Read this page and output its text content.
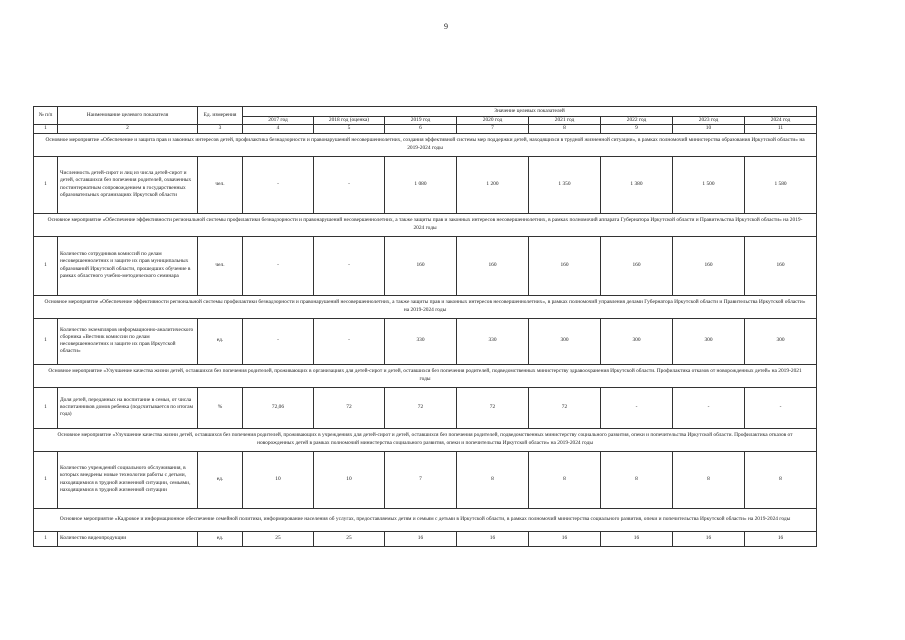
9
№ п/п	Наименование целевого показателя	Ед. измерения	Значение целевых показателей							
			2017 год	2018 год (оценка)	2019 год	2020 год	2021 год	2022 год	2023 год	2024 год
1	2	3	4	5	6	7	8	9	10	11
Основное мероприятие «Обеспечение и защита прав и законных интересов детей, профилактика безнадзорности и правонарушений несовершеннолетних, создания эффективной системы мер поддержки детей, находящихся в трудной жизненной ситуации», в рамках полномочий министерства образования Иркутской области» на 2019-2024 годы										
1	Численность детей-сирот и лиц из числа детей-сирот и детей, оставшихся без попечения родителей, охваченных постинтернатным сопровождением в государственных образовательных организациях Иркутской области	чел.	-	-	1 080	1 200	1 350	1 380	1 500	1 580
Основное мероприятие «Обеспечение эффективности региональной системы профилактики безнадзорности и правонарушений несовершеннолетних, а также защиты прав и законных интересов несовершеннолетних, в рамках полномочий аппарата Губернатора Иркутской области и Правительства Иркутской области» на 2019-2024 годы										
1	Количество сотрудников комиссий по делам несовершеннолетних и защите их прав муниципальных образований Иркутской области, прошедших обучение в рамках областного учебно-методического семинара	чел.	-	-	160	160	160	160	160	160
Основное мероприятие «Обеспечение эффективности региональной системы профилактики безнадзорности и правонарушений несовершеннолетних, а также защиты прав и законных интересов несовершеннолетних», в рамках полномочий управления делами Губернатора Иркутской области и Правительства Иркутской области» на 2019-2024 годы										
1	Количество экземпляров информационно-аналитического сборника «Вестник комиссии по делам несовершеннолетних и защите их прав Иркутской области»	ед.	-	-	330	330	300	300	300	300
Основное мероприятие «Улучшение качества жизни детей, оставшихся без попечения родителей, проживающих в организациях для детей-сирот и детей, оставшихся без попечения родителей, подведомственных министерству здравоохранения Иркутской области. Профилактика отказов от новорожденных детей» на 2019-2021 годы										
1	Доля детей, переданных на воспитание в семьи, от числа воспитанников домов ребенка (подсчитывается по итогам года)	%	72,06	72	72	72	72	-	-	-
Основное мероприятие «Улучшение качества жизни детей, оставшихся без попечения родителей, проживающих в учреждениях для детей-сирот и детей, оставшихся без попечения родителей, подведомственных министерству социального развития, опеки и попечительства Иркутской области. Профилактика отказов от новорожденных детей в рамках полномочий министерства социального развития, опеки и попечительства Иркутской области» на 2019-2024 годы										
1	Количество учреждений социального обслуживания, в которых внедрены новые технологии работы с детьми, находящимися в трудной жизненной ситуации, семьями, находящимися в трудной жизненной ситуации	ед.	10	10	7	8	8	8	8	8
Основное мероприятие «Кадровое и информационное обеспечение семейной политики, информирование населения об услугах, предоставляемых детям и семьям с детьми в Иркутской области, в рамках полномочий министерства социального развития, опеки и попечительства Иркутской области» на 2019-2024 годы										
1	Количество видеопродукции	ед.	25	25	16	16	16	16	16	16
